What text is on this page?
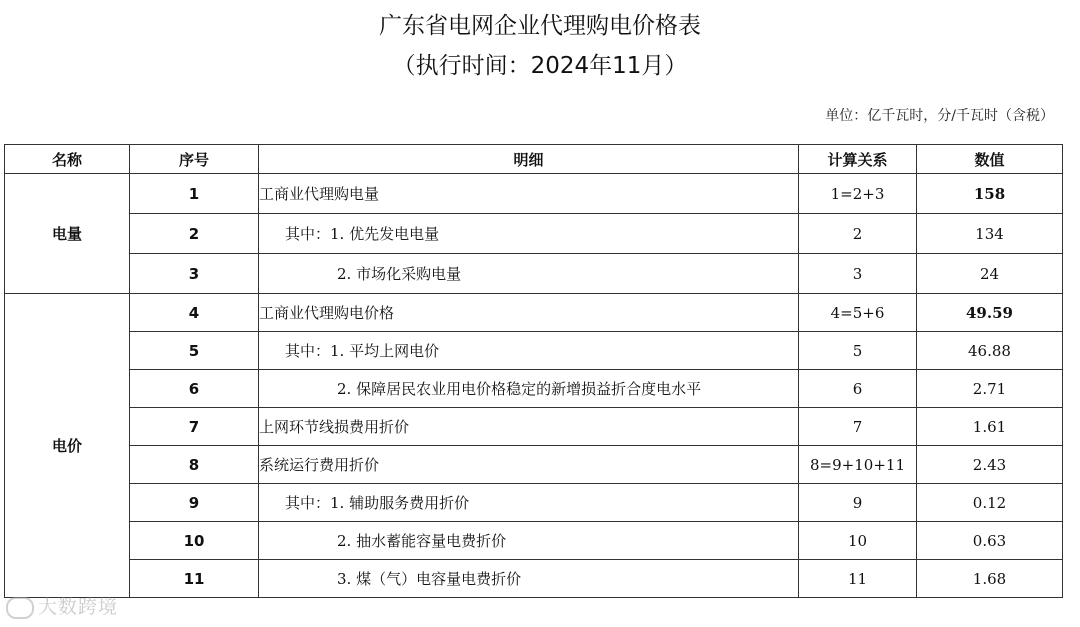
广东省电网企业代理购电价格表
（执行时间：2024年11月）
单位：亿千瓦时，分/千瓦时（含税）
名称	序号	明细	计算关系	数值
电量	1	工商业代理购电量	1=2+3	158
	2	其中：1. 优先发电电量	2	134
	3	2. 市场化采购电量	3	24
电价	4	工商业代理购电价格	4=5+6	49.59
	5	其中：1. 平均上网电价	5	46.88
	6	2. 保障居民农业用电价格稳定的新增损益折合度电水平	6	2.71
	7	上网环节线损费用折价	7	1.61
	8	系统运行费用折价	8=9+10+11	2.43
	9	其中：1. 辅助服务费用折价	9	0.12
	10	2. 抽水蓄能容量电费折价	10	0.63
	11	3. 煤（气）电容量电费折价	11	1.68
大数跨境
